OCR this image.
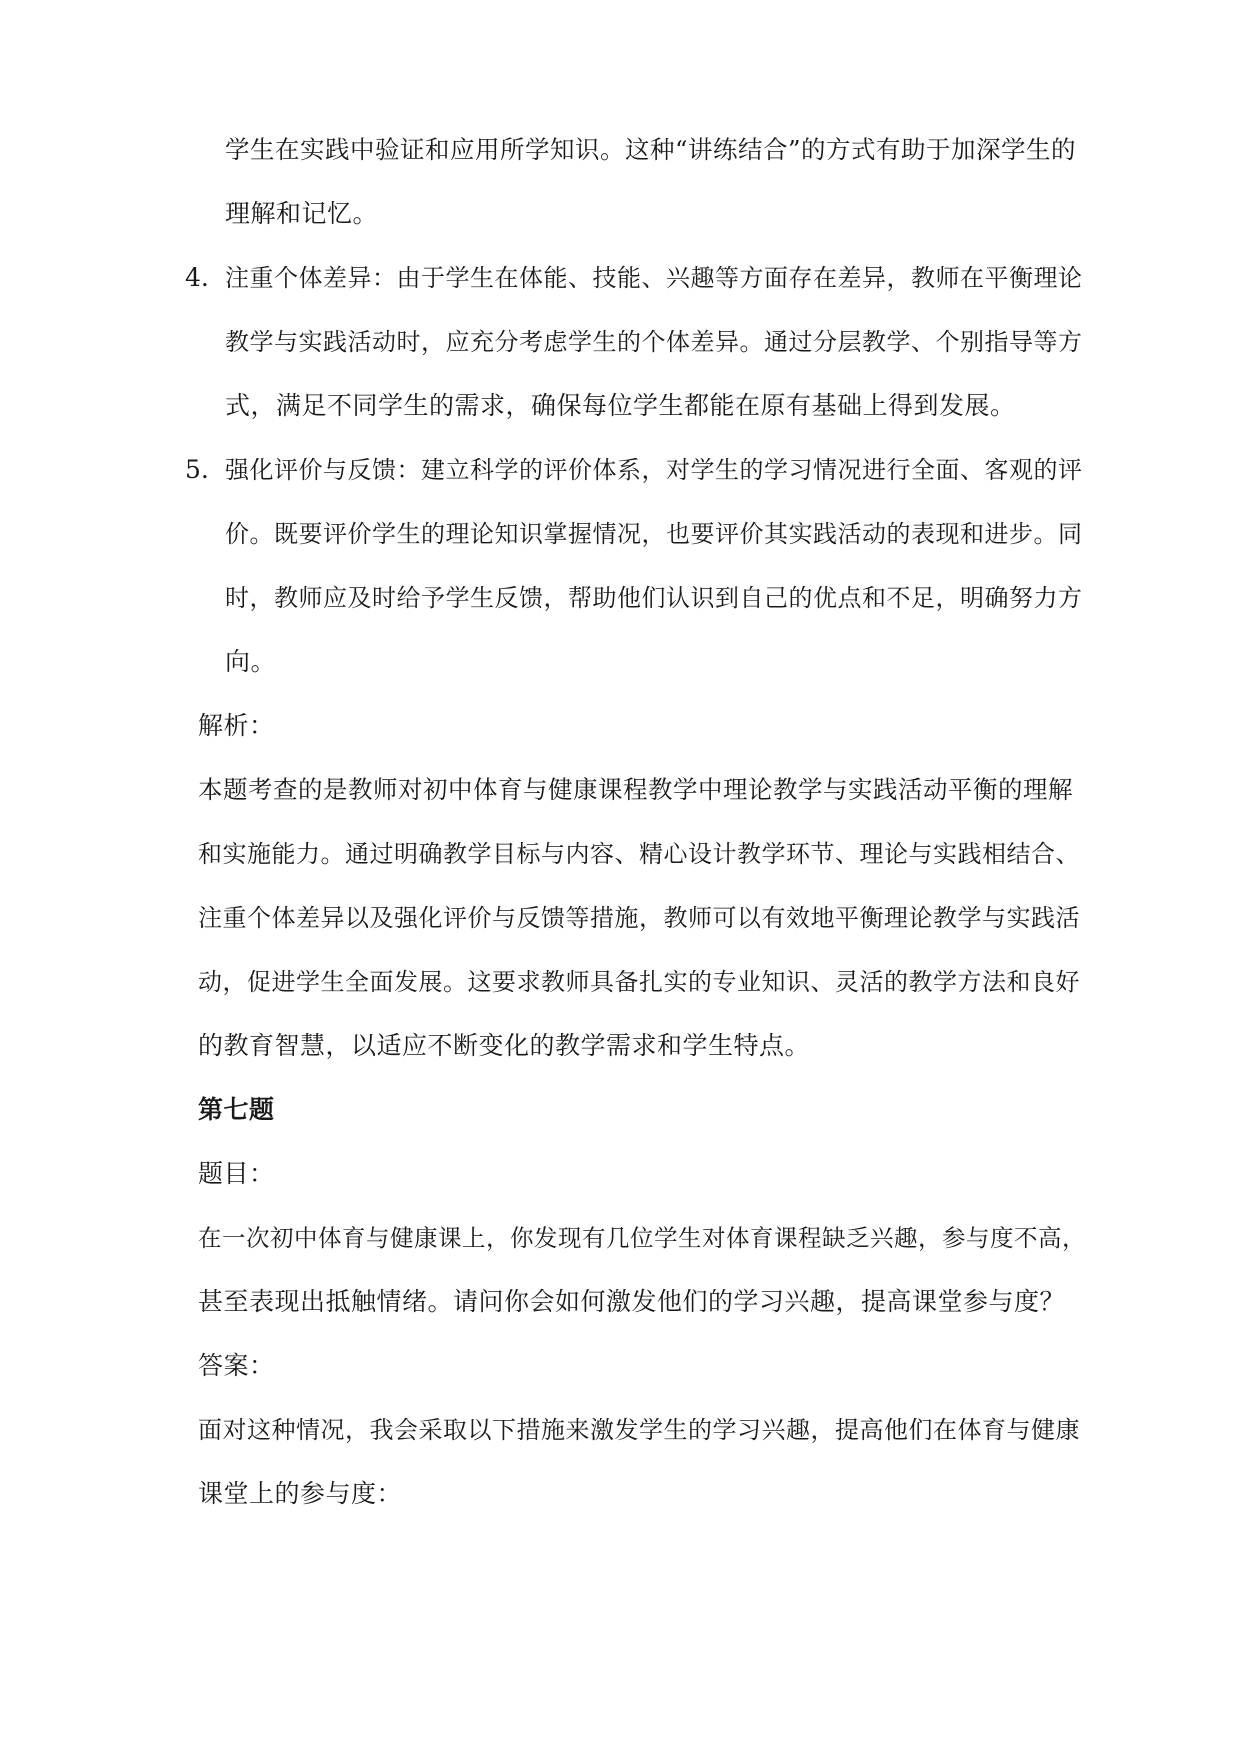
学生在实践中验证和应用所学知识。这种“讲练结合”的方式有助于加深学生的
理解和记忆。
4. 注重个体差异：由于学生在体能、技能、兴趣等方面存在差异，教师在平衡理论
教学与实践活动时，应充分考虑学生的个体差异。通过分层教学、个别指导等方
式，满足不同学生的需求，确保每位学生都能在原有基础上得到发展。
5. 强化评价与反馈：建立科学的评价体系，对学生的学习情况进行全面、客观的评
价。既要评价学生的理论知识掌握情况，也要评价其实践活动的表现和进步。同
时，教师应及时给予学生反馈，帮助他们认识到自己的优点和不足，明确努力方
向。
解析：
本题考查的是教师对初中体育与健康课程教学中理论教学与实践活动平衡的理解
和实施能力。通过明确教学目标与内容、精心设计教学环节、理论与实践相结合、
注重个体差异以及强化评价与反馈等措施，教师可以有效地平衡理论教学与实践活
动，促进学生全面发展。这要求教师具备扎实的专业知识、灵活的教学方法和良好
的教育智慧，以适应不断变化的教学需求和学生特点。
第七题
题目：
在一次初中体育与健康课上，你发现有几位学生对体育课程缺乏兴趣，参与度不高，
甚至表现出抵触情绪。请问你会如何激发他们的学习兴趣，提高课堂参与度？
答案：
面对这种情况，我会采取以下措施来激发学生的学习兴趣，提高他们在体育与健康
课堂上的参与度：
